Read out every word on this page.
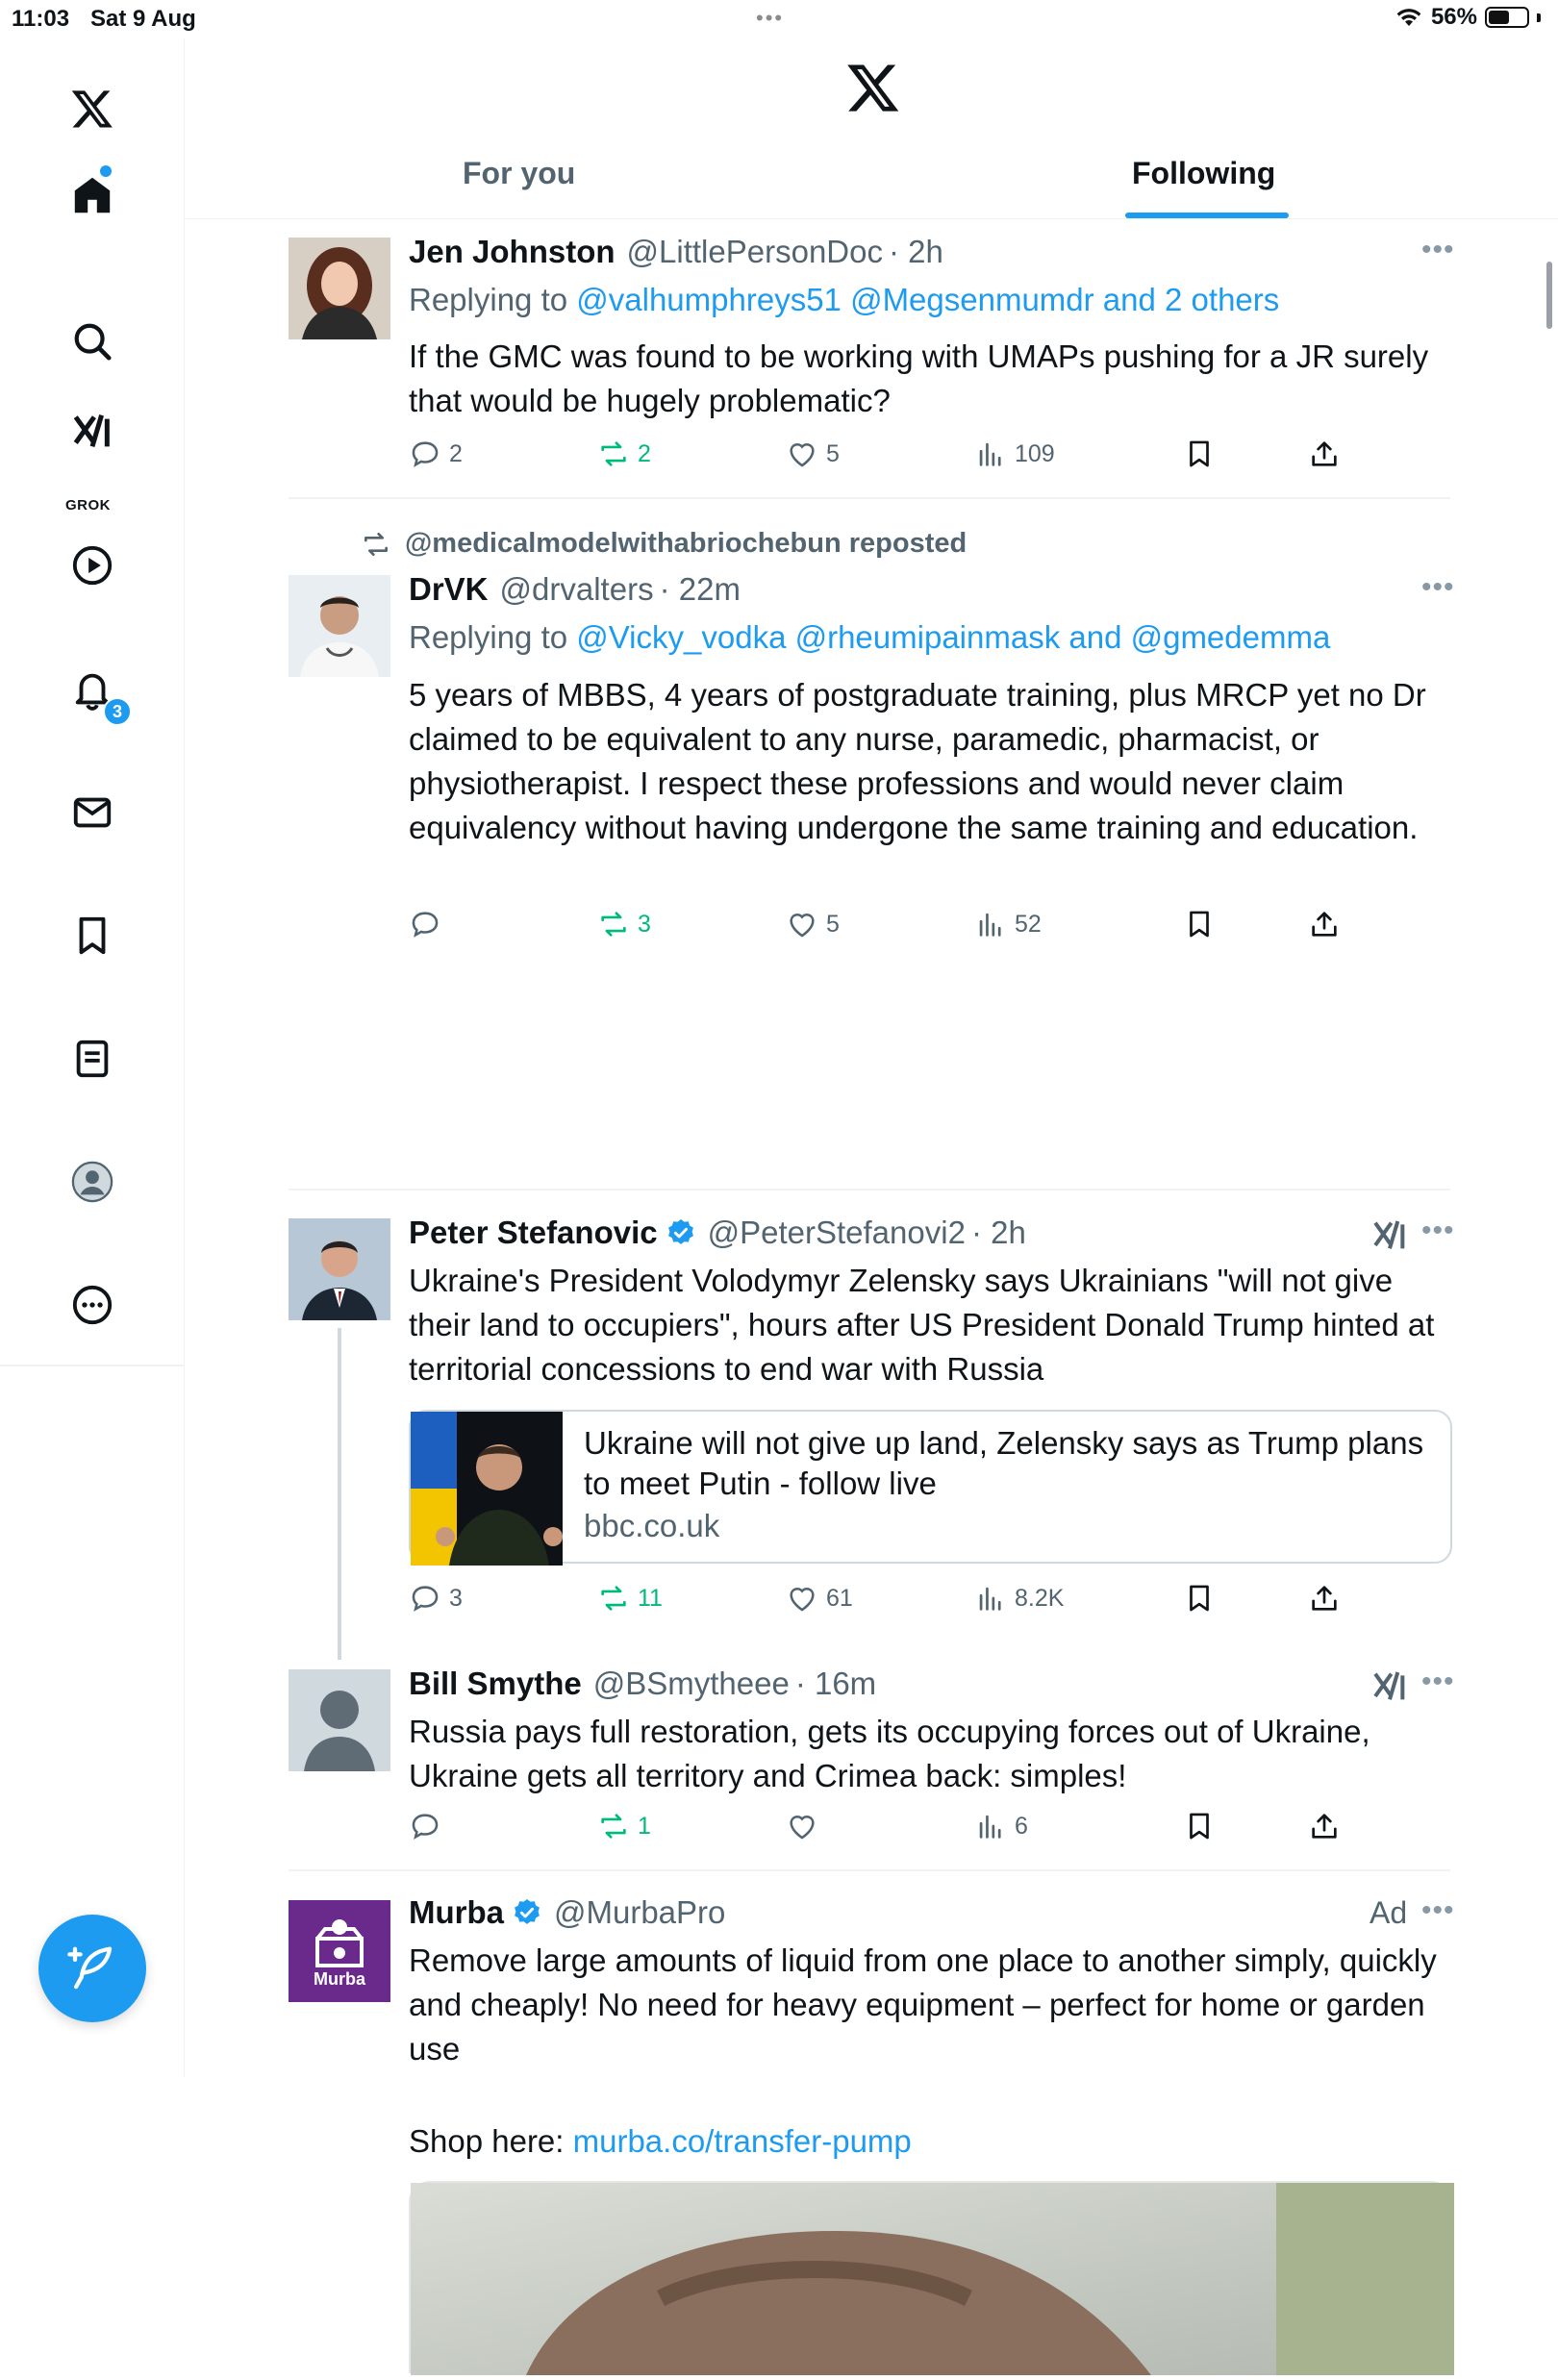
11:03 Sat 9 Aug	•••	56%
GROK
3
For you	Following
Jen Johnston @LittlePersonDoc · 2h	•••
Replying to @valhumphreys51 @Megsenmumdr and 2 others
If the GMC was found to be working with UMAPs pushing for a JR surely that would be hugely problematic?
2	2	5	109
@medicalmodelwithabriochebun reposted
DrVK @drvalters · 22m	•••
Replying to @Vicky_vodka @rheumipainmask and @gmedemma
5 years of MBBS, 4 years of postgraduate training, plus MRCP yet no Dr claimed to be equivalent to any nurse, paramedic, pharmacist, or physiotherapist. I respect these professions and would never claim equivalency without having undergone the same training and education.
3	5	52
Peter Stefanovic @PeterStefanovi2 · 2h	•••
Ukraine's President Volodymyr Zelensky says Ukrainians "will not give their land to occupiers", hours after US President Donald Trump hinted at territorial concessions to end war with Russia
Ukraine will not give up land, Zelensky says as Trump plans to meet Putin - follow live
bbc.co.uk
3	11	61	8.2K
Bill Smythe @BSmytheee · 16m	•••
Russia pays full restoration, gets its occupying forces out of Ukraine, Ukraine gets all territory and Crimea back: simples!
1	6
Murba
Murba @MurbaPro	Ad •••
Remove large amounts of liquid from one place to another simply, quickly and cheaply! No need for heavy equipment – perfect for home or garden use
Shop here: murba.co/transfer-pump
